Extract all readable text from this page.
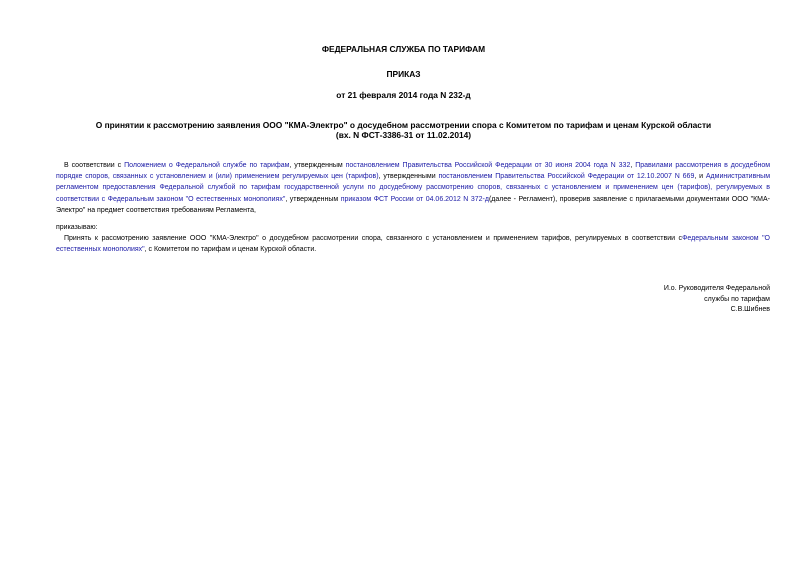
ФЕДЕРАЛЬНАЯ СЛУЖБА ПО ТАРИФАМ
ПРИКАЗ
от 21 февраля 2014 года N 232-д
О принятии к рассмотрению заявления ООО "КМА-Электро" о досудебном рассмотрении спора с Комитетом по тарифам и ценам Курской области
(вх. N ФСТ-3386-31 от 11.02.2014)

В соответствии с Положением о Федеральной службе по тарифам, утвержденным постановлением Правительства Российской Федерации от 30 июня 2004 года N 332, Правилами рассмотрения в досудебном порядке споров, связанных с установлением и (или) применением регулируемых цен (тарифов), утвержденными постановлением Правительства Российской Федерации от 12.10.2007 N 669, и Административным регламентом предоставления Федеральной службой по тарифам государственной услуги по досудебному рассмотрению споров, связанных с установлением и применением цен (тарифов), регулируемых в соответствии с Федеральным законом "О естественных монополиях", утвержденным приказом ФСТ России от 04.06.2012 N 372-д(далее - Регламент), проверив заявление с прилагаемыми документами ООО "КМА-Электро" на предмет соответствия требованиям Регламента,

приказываю:

Принять к рассмотрению заявление ООО "КМА-Электро" о досудебном рассмотрении спора, связанного с установлением и применением тарифов, регулируемых в соответствии сФедеральным законом "О естественных монополиях", с Комитетом по тарифам и ценам Курской области.

И.о. Руководителя Федеральной
службы по тарифам
С.В.Шибнев
